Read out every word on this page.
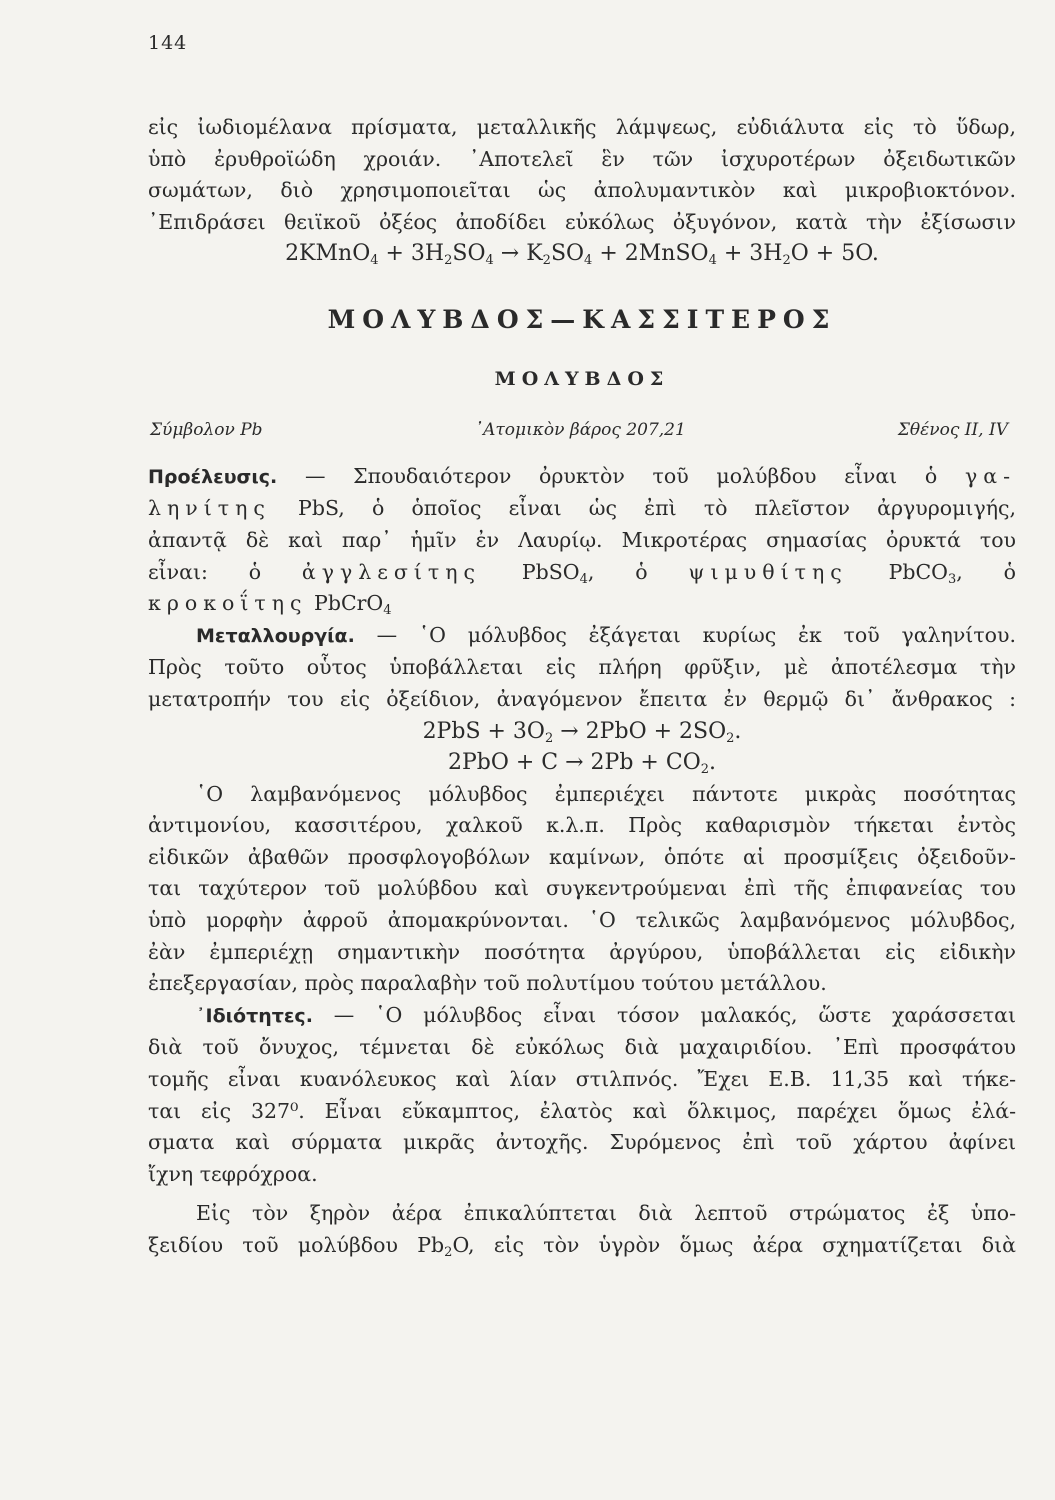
144
εἰς ἰωδιομέλανα πρίσματα, μεταλλικῆς λάμψεως, εὐδιάλυτα εἰς τὸ ὕδωρ,
ὑπὸ ἐρυθροϊώδη χροιάν. ᾿Αποτελεῖ ἓν τῶν ἰσχυροτέρων ὀξειδωτικῶν
σωμάτων, διὸ χρησιμοποιεῖται ὡς ἀπολυμαντικὸν καὶ μικροβιοκτόνον.
᾿Επιδράσει θειϊκοῦ ὀξέος ἀποδίδει εὐκόλως ὀξυγόνον, κατὰ τὴν ἐξίσωσιν
2KMnO$_4$ + $3H_2SO_4 \to K_2SO_4$ + 2MnSO$_4$ + $3H_2O + 5O$.
ΜΟΛΥΒΔΟΣ—ΚΑΣΣΙΤΕΡΟΣ
ΜΟΛΥΒΔΟΣ
Σύμβολον Pb	᾿Ατομικὸν βάρος 207,21	Σθένος II, IV
Προέλευσις. — Σπουδαιότερον ὀρυκτὸν τοῦ μολύβδου εἶναι ὁ γα-
ληνίτης PbS, ὁ ὁποῖος εἶναι ὡς ἐπὶ τὸ πλεῖστον ἀργυρομιγής,
ἀπαντᾷ δὲ καὶ παρ᾿ ἡμῖν ἐν Λαυρίῳ. Μικροτέρας σημασίας ὀρυκτά του
εἶναι: ὁ ἀγγλεσίτης PbSO$_4$, ὁ ψιμυθίτης PbCO$_3$, ὁ
κροκοΐτης PbCrO$_4$
Μεταλλουργία. — ῾Ο μόλυβδος ἐξάγεται κυρίως ἐκ τοῦ γαληνίτου.
Πρὸς τοῦτο οὗτος ὑποβάλλεται εἰς πλήρη φρῦξιν, μὲ ἀποτέλεσμα τὴν
μετατροπήν του εἰς ὀξείδιον, ἀναγόμενον ἔπειτα ἐν θερμῷ δι᾿ ἄνθρακος :
$2PbS + 3O_2 \to 2PbO + 2SO_2$.
$2PbO + C \to 2Pb + CO_2$.
῾Ο λαμβανόμενος μόλυβδος ἐμπεριέχει πάντοτε μικρὰς ποσότητας
ἀντιμονίου, κασσιτέρου, χαλκοῦ κ.λ.π. Πρὸς καθαρισμὸν τήκεται ἐντὸς
εἰδικῶν ἀβαθῶν προσφλογοβόλων καμίνων, ὁπότε αἱ προσμίξεις ὀξειδοῦν-
ται ταχύτερον τοῦ μολύβδου καὶ συγκεντρούμεναι ἐπὶ τῆς ἐπιφανείας του
ὑπὸ μορφὴν ἀφροῦ ἀπομακρύνονται. ῾Ο τελικῶς λαμβανόμενος μόλυβδος,
ἐὰν ἐμπεριέχῃ σημαντικὴν ποσότητα ἀργύρου, ὑποβάλλεται εἰς εἰδικὴν
ἐπεξεργασίαν, πρὸς παραλαβὴν τοῦ πολυτίμου τούτου μετάλλου.
᾿Ιδιότητες. — ῾Ο μόλυβδος εἶναι τόσον μαλακός, ὥστε χαράσσεται
διὰ τοῦ ὄνυχος, τέμνεται δὲ εὐκόλως διὰ μαχαιριδίου. ᾿Επὶ προσφάτου
τομῆς εἶναι κυανόλευκος καὶ λίαν στιλπνός. Ἔχει Ε.Β. 11,35 καὶ τήκε-
ται εἰς 327⁰. Εἶναι εὔκαμπτος, ἐλατὸς καὶ ὅλκιμος, παρέχει ὅμως ἐλά-
σματα καὶ σύρματα μικρᾶς ἀντοχῆς. Συρόμενος ἐπὶ τοῦ χάρτου ἀφίνει
ἴχνη τεφρόχροα.
Εἰς τὸν ξηρὸν ἀέρα ἐπικαλύπτεται διὰ λεπτοῦ στρώματος ἐξ ὑπο-
ξειδίου τοῦ μολύβδου $Pb_2O$, εἰς τὸν ὑγρὸν ὅμως ἀέρα σχηματίζεται διὰ
